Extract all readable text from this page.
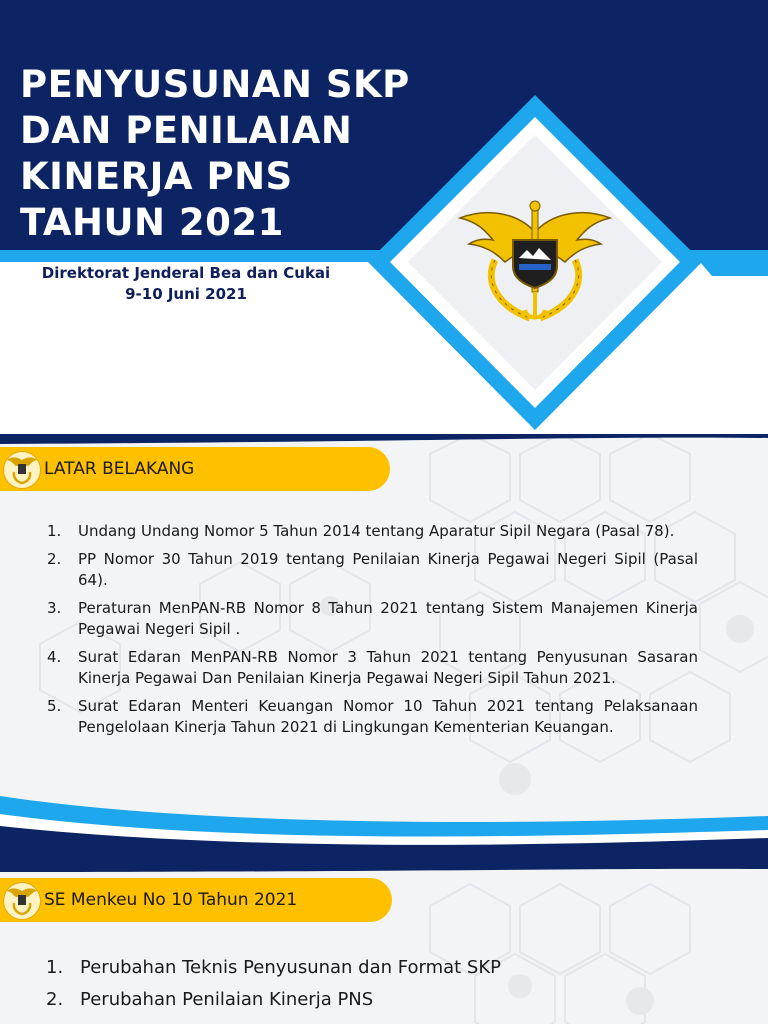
PENYUSUNAN SKP
DAN PENILAIAN
KINERJA PNS
TAHUN 2021
Direktorat Jenderal Bea dan Cukai
9-10 Juni 2021
LATAR BELAKANG
1. Undang Undang Nomor 5 Tahun 2014 tentang Aparatur Sipil Negara (Pasal 78).
2. PP Nomor 30 Tahun 2019 tentang Penilaian Kinerja Pegawai Negeri Sipil (Pasal 64).
3. Peraturan MenPAN-RB Nomor 8 Tahun 2021 tentang Sistem Manajemen Kinerja Pegawai Negeri Sipil .
4. Surat Edaran MenPAN-RB Nomor 3 Tahun 2021 tentang Penyusunan Sasaran Kinerja Pegawai Dan Penilaian Kinerja Pegawai Negeri Sipil Tahun 2021.
5. Surat Edaran Menteri Keuangan Nomor 10 Tahun 2021 tentang Pelaksanaan Pengelolaan Kinerja Tahun 2021 di Lingkungan Kementerian Keuangan.
SE Menkeu No 10 Tahun 2021
1. Perubahan Teknis Penyusunan dan Format SKP
2. Perubahan Penilaian Kinerja PNS
